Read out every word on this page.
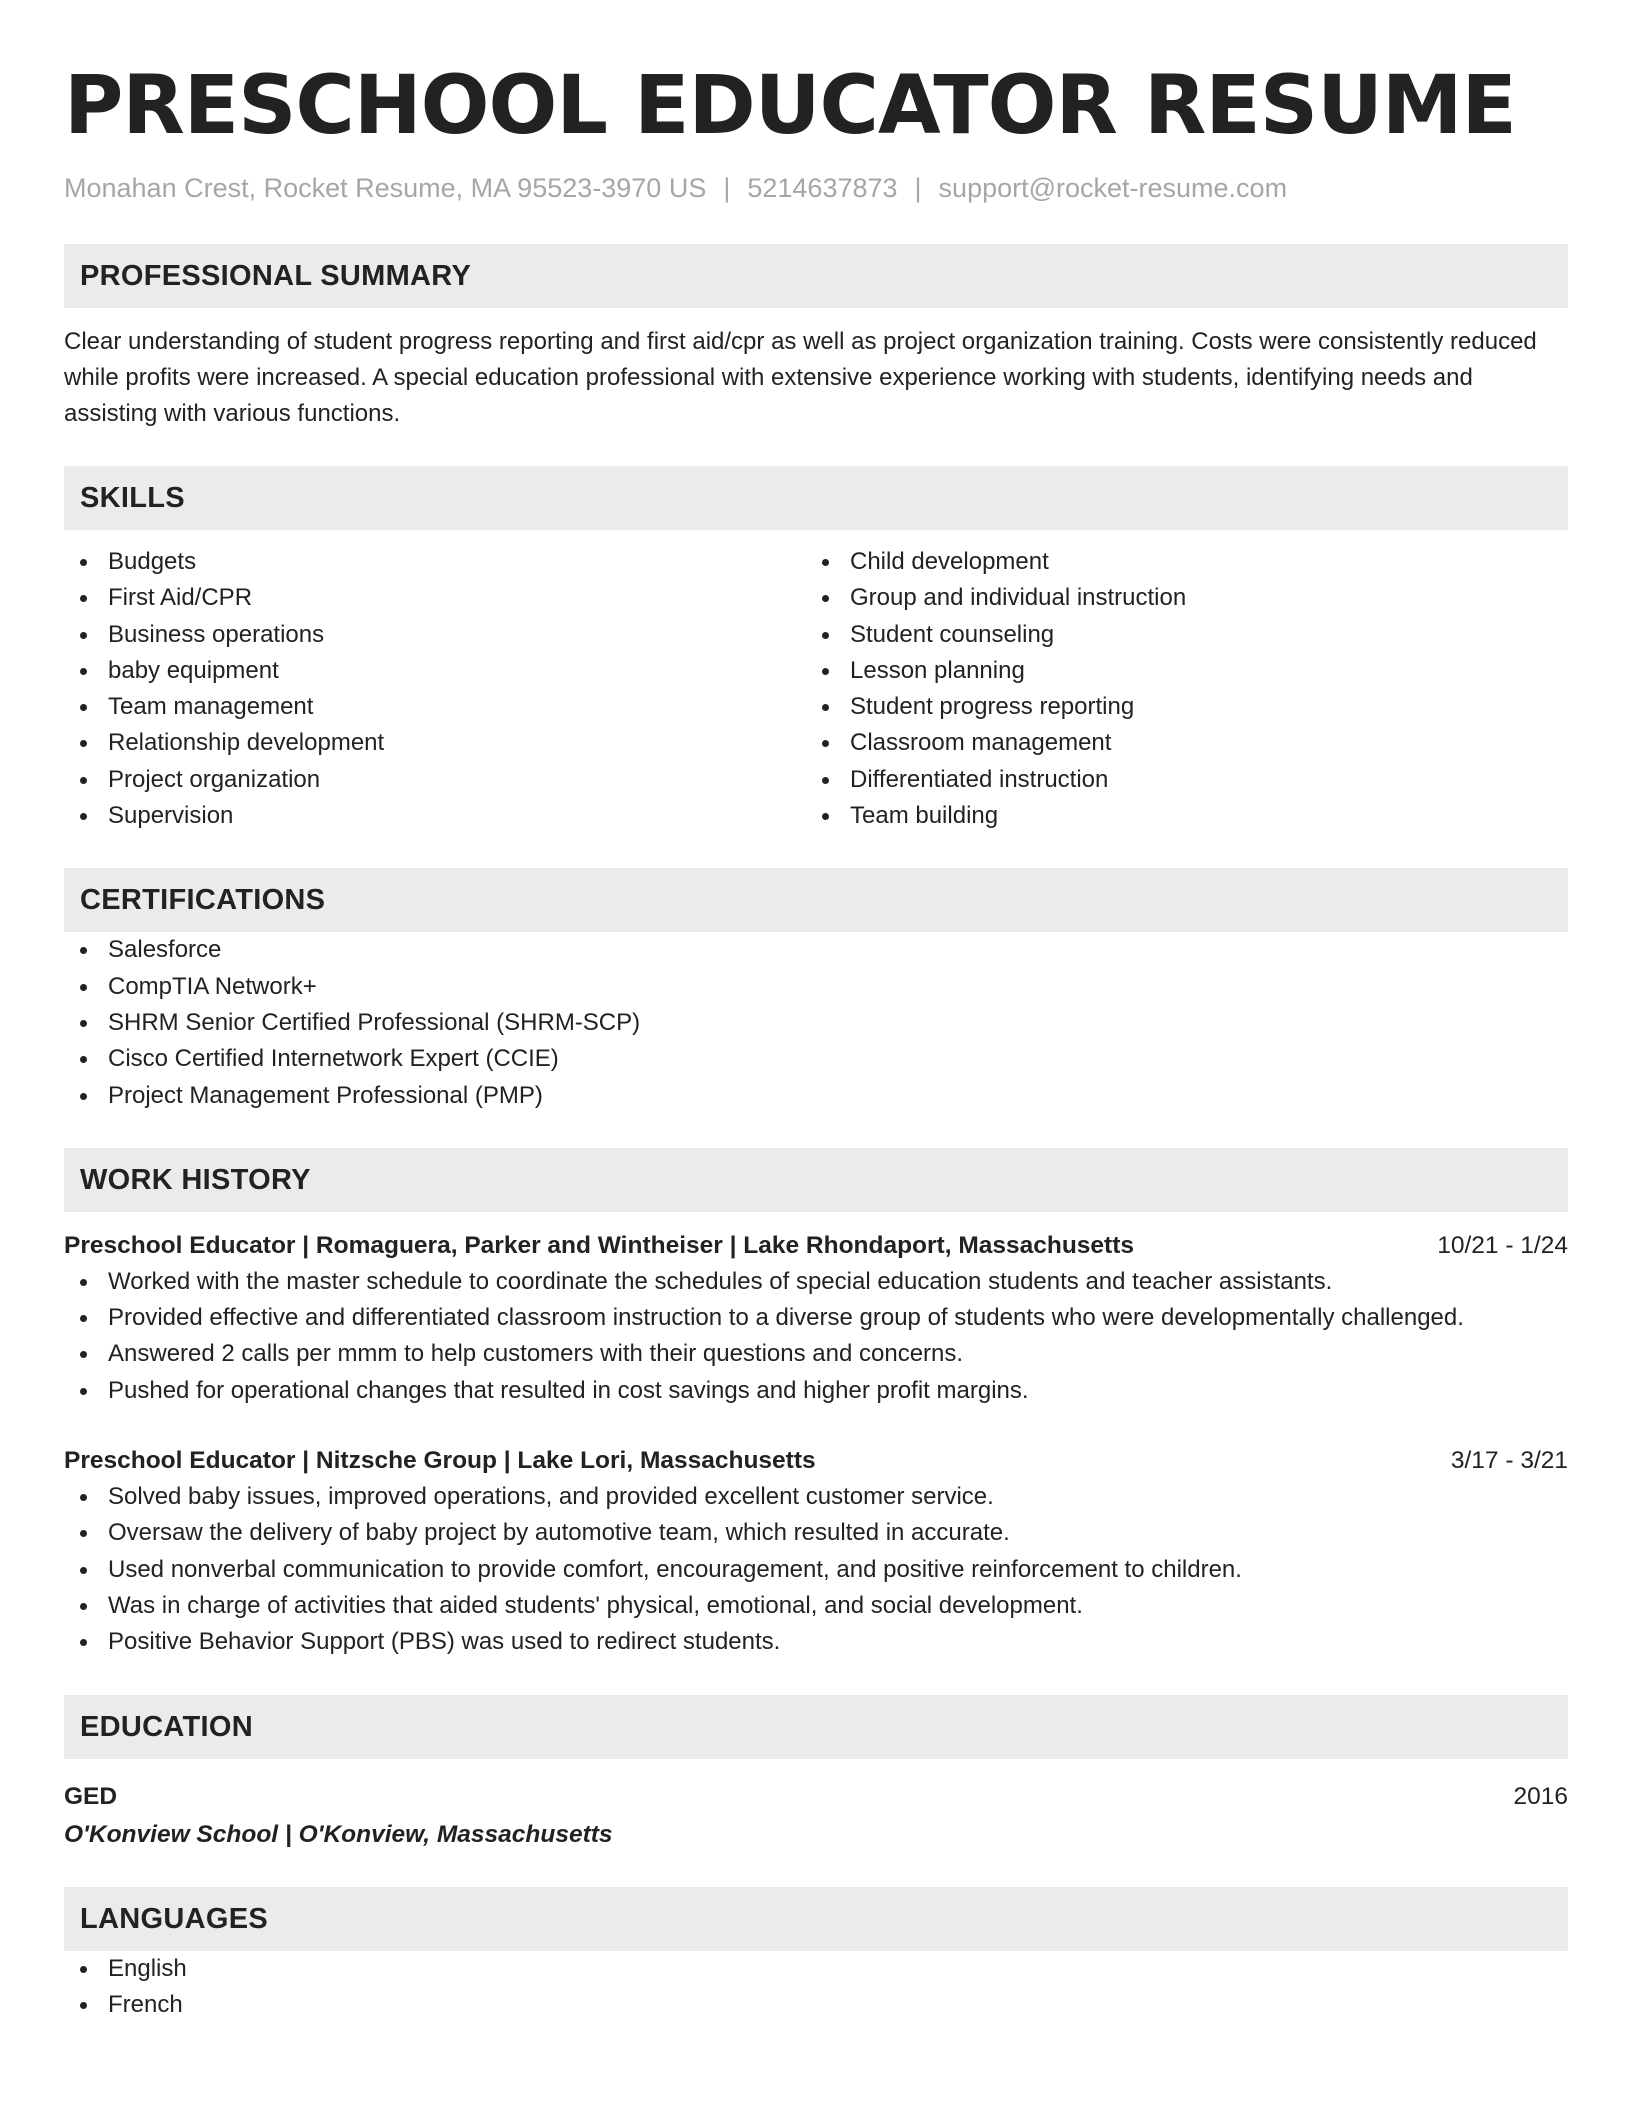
PRESCHOOL EDUCATOR RESUME
Monahan Crest, Rocket Resume, MA 95523-3970 US | 5214637873 | support@rocket-resume.com
PROFESSIONAL SUMMARY

Clear understanding of student progress reporting and first aid/cpr as well as project organization training. Costs were consistently reduced while profits were increased. A special education professional with extensive experience working with students, identifying needs and assisting with various functions.

SKILLS
Budgets
First Aid/CPR
Business operations
baby equipment
Team management
Relationship development
Project organization
Supervision
Child development
Group and individual instruction
Student counseling
Lesson planning
Student progress reporting
Classroom management
Differentiated instruction
Team building
CERTIFICATIONS
Salesforce
CompTIA Network+
SHRM Senior Certified Professional (SHRM-SCP)
Cisco Certified Internetwork Expert (CCIE)
Project Management Professional (PMP)
WORK HISTORY
Preschool Educator | Romaguera, Parker and Wintheiser | Lake Rhondaport, Massachusetts	10/21 - 1/24
Worked with the master schedule to coordinate the schedules of special education students and teacher assistants.
Provided effective and differentiated classroom instruction to a diverse group of students who were developmentally challenged.
Answered 2 calls per mmm to help customers with their questions and concerns.
Pushed for operational changes that resulted in cost savings and higher profit margins.
Preschool Educator | Nitzsche Group | Lake Lori, Massachusetts	3/17 - 3/21
Solved baby issues, improved operations, and provided excellent customer service.
Oversaw the delivery of baby project by automotive team, which resulted in accurate.
Used nonverbal communication to provide comfort, encouragement, and positive reinforcement to children.
Was in charge of activities that aided students' physical, emotional, and social development.
Positive Behavior Support (PBS) was used to redirect students.
EDUCATION
GED	2016
O'Konview School | O'Konview, Massachusetts
LANGUAGES
English
French
